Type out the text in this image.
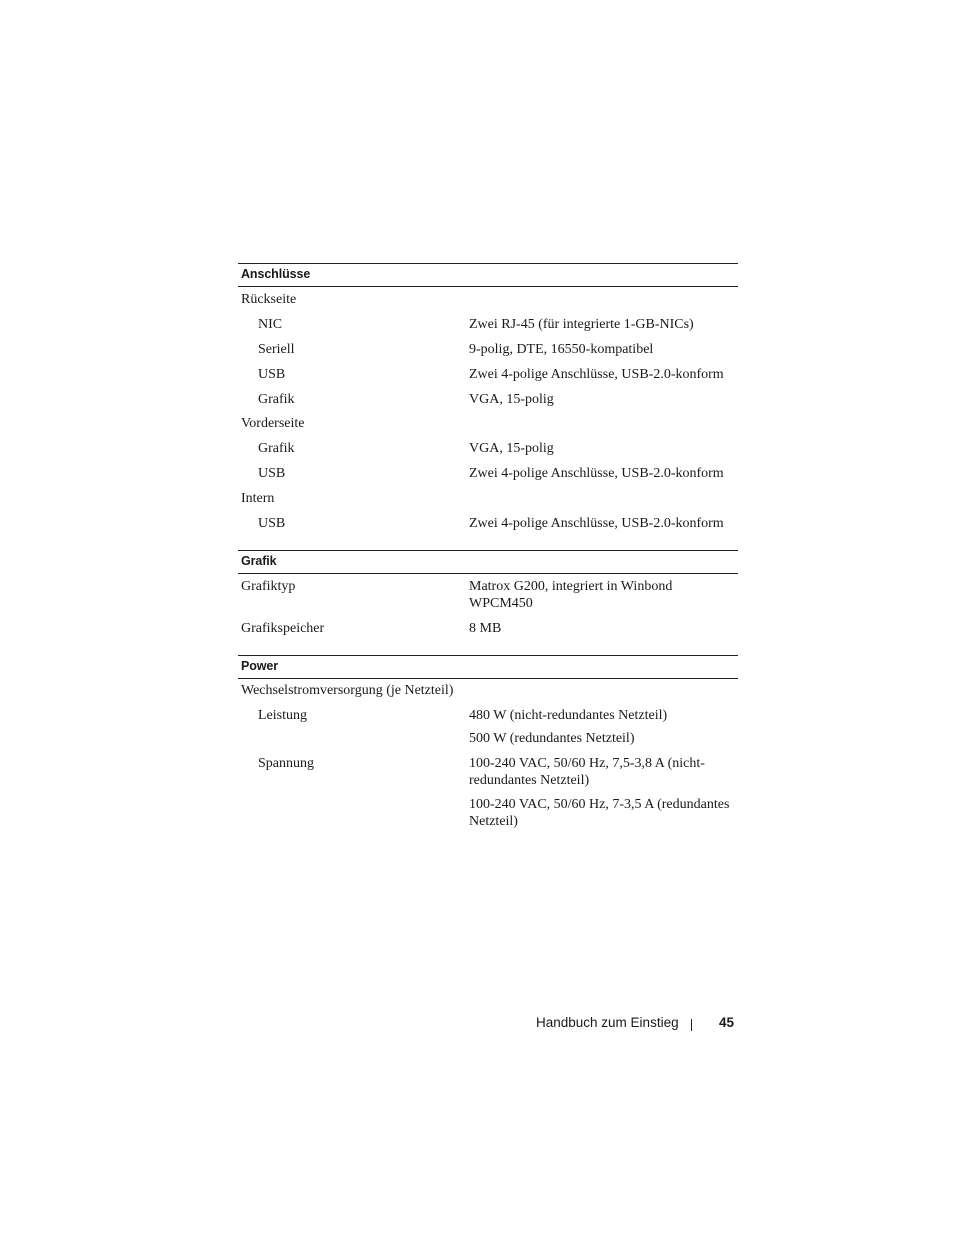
Anschlüsse
Rückseite
NIC	Zwei RJ-45 (für integrierte 1-GB-NICs)
Seriell	9-polig, DTE, 16550-kompatibel
USB	Zwei 4-polige Anschlüsse, USB-2.0-konform
Grafik	VGA, 15-polig
Vorderseite
Grafik	VGA, 15-polig
USB	Zwei 4-polige Anschlüsse, USB-2.0-konform
Intern
USB	Zwei 4-polige Anschlüsse, USB-2.0-konform
Grafik
Grafiktyp	Matrox G200, integriert in Winbond WPCM450
Grafikspeicher	8 MB
Power
Wechselstromversorgung (je Netzteil)
Leistung	480 W (nicht-redundantes Netzteil)
500 W (redundantes Netzteil)
Spannung	100-240 VAC, 50/60 Hz, 7,5-3,8 A (nicht-redundantes Netzteil)
100-240 VAC, 50/60 Hz, 7-3,5 A (redundantes Netzteil)
Handbuch zum Einstieg	45
